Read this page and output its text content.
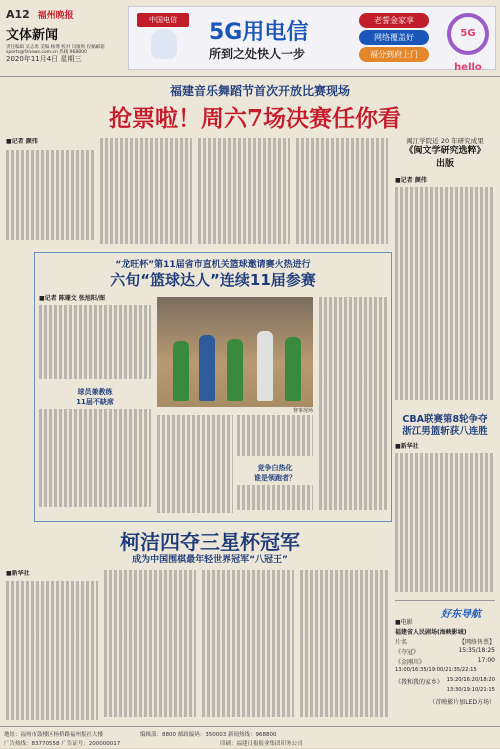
A12 福州晚报
文体新闻
2020年11月4日 星期三
责任编辑 吴志勇 美编 杨博 校对 闫敏鸣 投稿邮箱 sports@fznews.com.cn 热线 968800
中国电信	5G用电信
所到之处快人一步
老誓金家享
网络覆盖好
福分到府上门
5G hello
福建音乐舞蹈节首次开放比赛现场
抢票啦！周六7场决赛任你看
■记者 颜伟	闽江学院近 20 年研究成果
《闽文学研究选粹》
出版
■记者 颜伟
“龙旺杯”第11届省市直机关篮球邀请赛火热进行
六旬“篮球达人”连续11届参赛
■记者 陈珊文 张旭阳/图
球员兼教练
11届不缺席
赛事现场
竞争白热化
谁是领跑者？
CBA联赛第8轮争夺
浙江男篮斩获八连胜
■新华社
柯洁四夺三星杯冠军
成为中国围棋最年轻世界冠军“八冠王”
■新华社
好东导航
■电影
福建省人民剧场(海峡影城)
片名	【网络售票】
《夺冠》	15:35/18:25
《金刚川》	17:00
13:00/16:35/19:00/21:35/22:15
《我和我的家乡》 15:20/16:20/18:20
13:30/19:10/21:15
（首映影片加LED方场）
地址：福州市鼓楼区杨桥路福州报社大楼	编辑部：8800 邮政编码：350003 新闻热线：968800
广告热线：83770558 广告证号：200000017	印刷：福建日报报业集团印务公司
